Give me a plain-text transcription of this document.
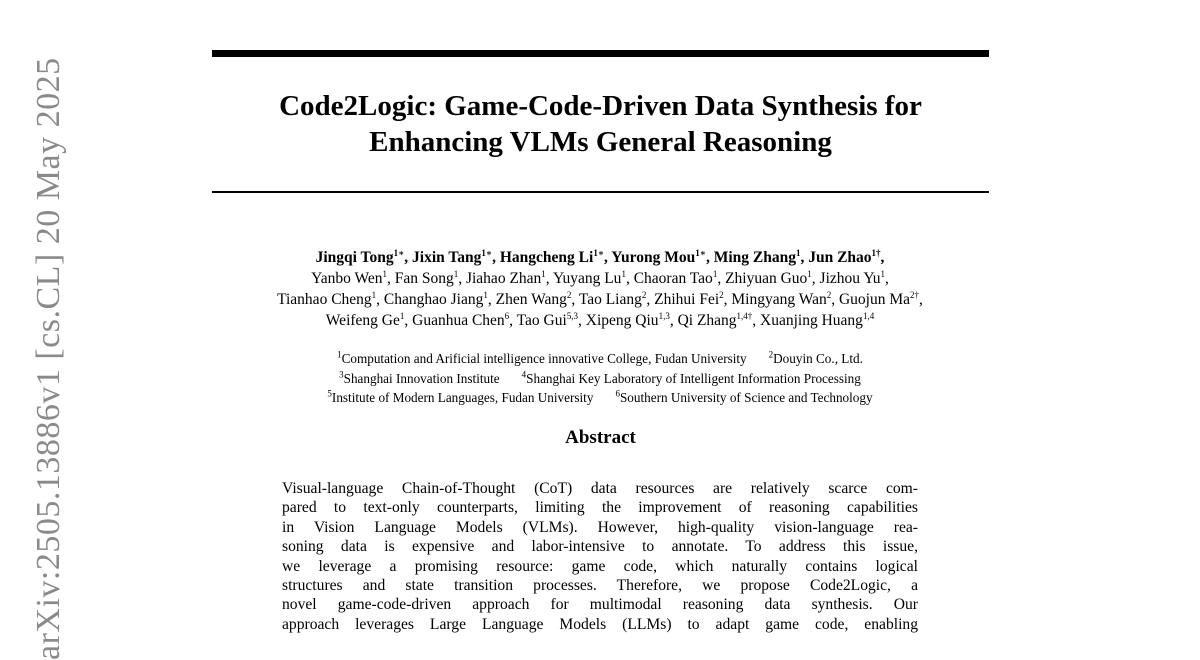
arXiv:2505.13886v1 [cs.CL] 20 May 2025	Code2Logic: Game-Code-Driven Data Synthesis for
Enhancing VLMs General Reasoning
Jingqi Tong$^{1∗}$, Jixin Tang$^{1∗}$, Hangcheng $Li^{1∗}$, Yurong Mou$^{1∗}$, Ming Zhang$^1$, Jun Zhao$^{1\dagger}$,
Yanbo Wen$^1$, Fan Song$^1$, Jiahao Zhan$^1$, Yuyang Lu$^1$, Chaoran Tao$^1$, Zhiyuan Guo$^1$, Jizhou Yu$^1$,
Tianhao Cheng$^1$, Changhao Jiang$^1$, Zhen Wang$^2$, Tao Liang$^2$, Zhihui Fei$^2$, Mingyang Wan$^2$, Guojun $Ma^{2\dagger}$,
Weifeng Ge$^1$, Guanhua Chen$^6$, Tao Gui$^{5,3}$, Xipeng Qiu$^{1,3}$, Qi Zhang$^{1,4\dagger}$, Xuanjing Huang$^{1,4}$
$^1$Computation and Arificial intelligence innovative College, Fudan University $^2$Douyin Co., Ltd.
$^3$Shanghai Innovation Institute $^4$Shanghai Key Laboratory of Intelligent Information Processing
$^5$Institute of Modern Languages, Fudan University $^6$Southern University of Science and Technology
Abstract
Visual-language Chain-of-Thought (CoT) data resources are relatively scarce com-
pared to text-only counterparts, limiting the improvement of reasoning capabilities
in Vision Language Models (VLMs). However, high-quality vision-language rea-
soning data is expensive and labor-intensive to annotate. To address this issue,
we leverage a promising resource: game code, which naturally contains logical
structures and state transition processes. Therefore, we propose Code2Logic, a
novel game-code-driven approach for multimodal reasoning data synthesis. Our
approach leverages Large Language Models (LLMs) to adapt game code, enabling
